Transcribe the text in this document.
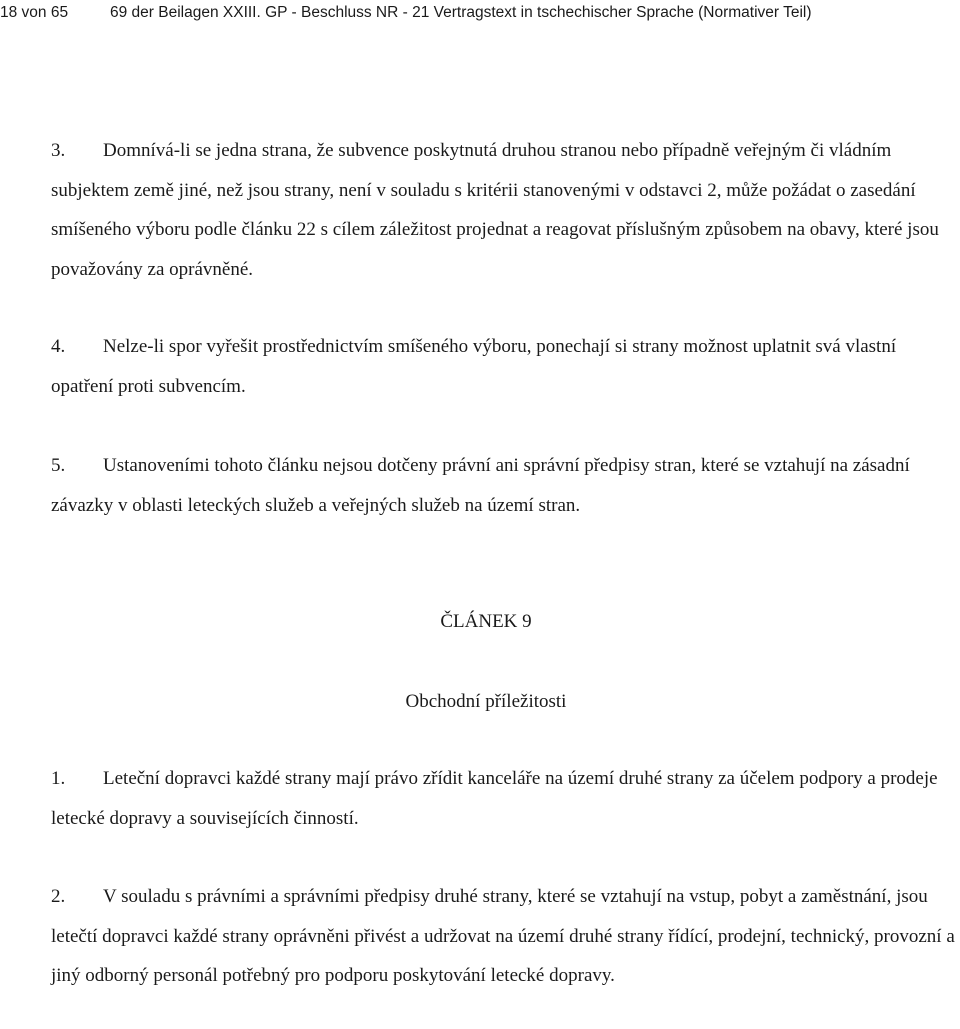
18 von 65	69 der Beilagen XXIII. GP - Beschluss NR - 21 Vertragstext in tschechischer Sprache (Normativer Teil)

3. Domnívá-li se jedna strana, že subvence poskytnutá druhou stranou nebo případně veřejným či vládním subjektem země jiné, než jsou strany, není v souladu s kritérii stanovenými v odstavci 2, může požádat o zasedání smíšeného výboru podle článku 22 s cílem záležitost projednat a reagovat příslušným způsobem na obavy, které jsou považovány za oprávněné.

4. Nelze-li spor vyřešit prostřednictvím smíšeného výboru, ponechají si strany možnost uplatnit svá vlastní opatření proti subvencím.

5. Ustanoveními tohoto článku nejsou dotčeny právní ani správní předpisy stran, které se vztahují na zásadní závazky v oblasti leteckých služeb a veřejných služeb na území stran.

ČLÁNEK 9

Obchodní příležitosti

1. Leteční dopravci každé strany mají právo zřídit kanceláře na území druhé strany za účelem podpory a prodeje letecké dopravy a souvisejících činností.

2. V souladu s právními a správními předpisy druhé strany, které se vztahují na vstup, pobyt a zaměstnání, jsou letečtí dopravci každé strany oprávněni přivést a udržovat na území druhé strany řídící, prodejní, technický, provozní a jiný odborný personál potřebný pro podporu poskytování letecké dopravy.
